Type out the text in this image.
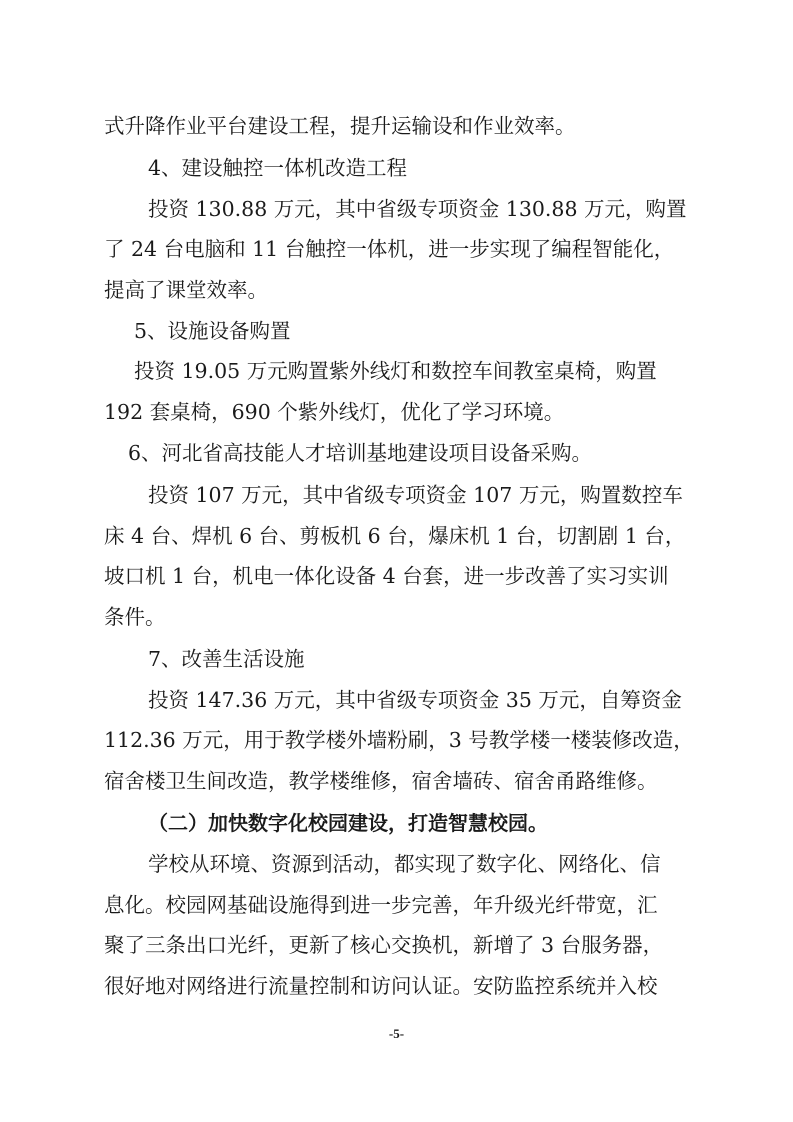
式升降作业平台建设工程，提升运输设和作业效率。
4、建设触控一体机改造工程
投资 130.88 万元，其中省级专项资金 130.88 万元，购置
了 24 台电脑和 11 台触控一体机，进一步实现了编程智能化，
提高了课堂效率。
5、设施设备购置
投资 19.05 万元购置紫外线灯和数控车间教室桌椅，购置
192 套桌椅，690 个紫外线灯，优化了学习环境。
6、河北省高技能人才培训基地建设项目设备采购。
投资 107 万元，其中省级专项资金 107 万元，购置数控车
床 4 台、焊机 6 台、剪板机 6 台，爆床机 1 台，切割剧 1 台，
坡口机 1 台，机电一体化设备 4 台套，进一步改善了实习实训
条件。
7、改善生活设施
投资 147.36 万元，其中省级专项资金 35 万元，自筹资金
112.36 万元，用于教学楼外墙粉刷，3 号教学楼一楼装修改造，
宿舍楼卫生间改造，教学楼维修，宿舍墙砖、宿舍甬路维修。
（二）加快数字化校园建设，打造智慧校园。
学校从环境、资源到活动，都实现了数字化、网络化、信
息化。校园网基础设施得到进一步完善，年升级光纤带宽，汇
聚了三条出口光纤，更新了核心交换机，新增了 3 台服务器，
很好地对网络进行流量控制和访问认证。安防监控系统并入校
-5-
